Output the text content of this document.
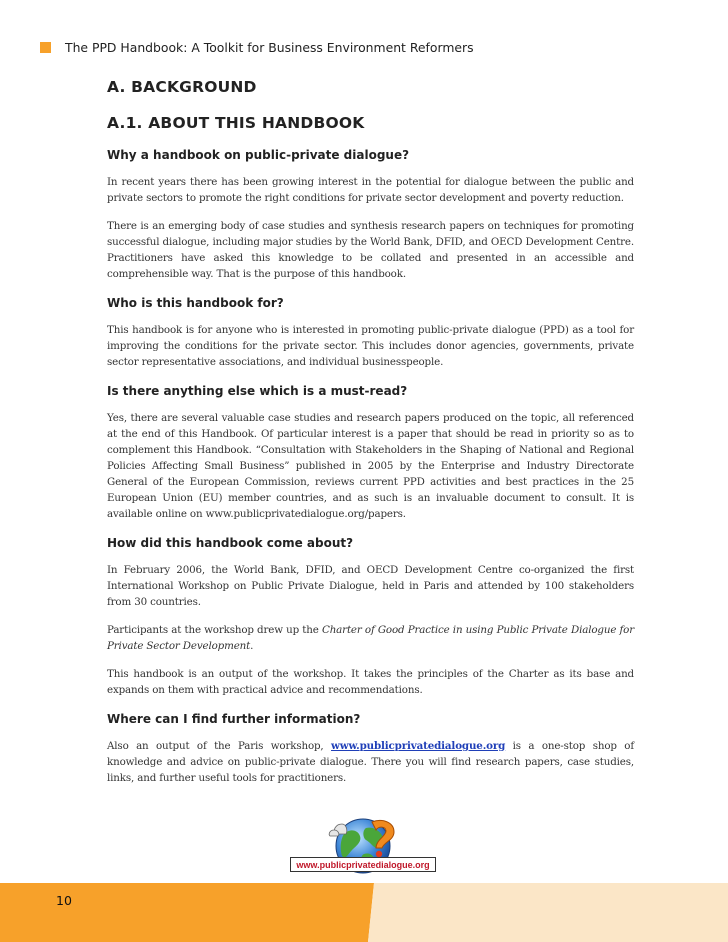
The PPD Handbook: A Toolkit for Business Environment Reformers
A. BACKGROUND
A.1. ABOUT THIS HANDBOOK
Why a handbook on public-private dialogue?

In recent years there has been growing interest in the potential for dialogue between the public and private sectors to promote the right conditions for private sector development and poverty reduction.

There is an emerging body of case studies and synthesis research papers on techniques for promoting successful dialogue, including major studies by the World Bank, DFID, and OECD Development Centre. Practitioners have asked this knowledge to be collated and presented in an accessible and comprehensible way. That is the purpose of this handbook.

Who is this handbook for?

This handbook is for anyone who is interested in promoting public-private dialogue (PPD) as a tool for improving the conditions for the private sector. This includes donor agencies, governments, private sector representative associations, and individual businesspeople.

Is there anything else which is a must-read?

Yes, there are several valuable case studies and research papers produced on the topic, all referenced at the end of this Handbook. Of particular interest is a paper that should be read in priority so as to complement this Handbook. “Consultation with Stakeholders in the Shaping of National and Regional Policies Affecting Small Business” published in 2005 by the Enterprise and Industry Directorate General of the European Commission, reviews current PPD activities and best practices in the 25 European Union (EU) member countries, and as such is an invaluable document to consult. It is available online on www.publicprivatedialogue.org/papers.

How did this handbook come about?

In February 2006, the World Bank, DFID, and OECD Development Centre co-organized the first International Workshop on Public Private Dialogue, held in Paris and attended by 100 stakeholders from 30 countries.

Participants at the workshop drew up the Charter of Good Practice in using Public Private Dialogue for Private Sector Development.

This handbook is an output of the workshop. It takes the principles of the Charter as its base and expands on them with practical advice and recommendations.

Where can I find further information?

Also an output of the Paris workshop, www.publicprivatedialogue.org is a one-stop shop of knowledge and advice on public-private dialogue. There you will find research papers, case studies, links, and further useful tools for practitioners.

www.publicprivatedialogue.org
10
